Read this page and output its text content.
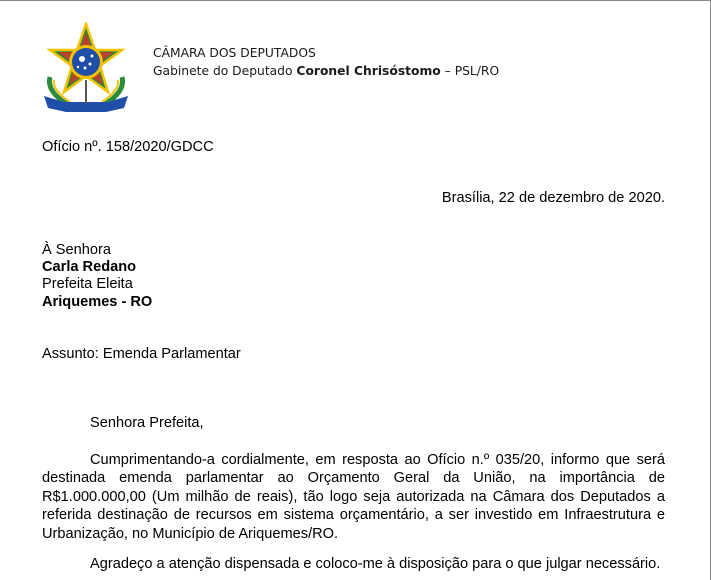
CÂMARA DOS DEPUTADOS
Gabinete do Deputado Coronel Chrisóstomo – PSL/RO
Ofício nº. 158/2020/GDCC
Brasília, 22 de dezembro de 2020.
À Senhora
Carla Redano
Prefeita Eleita
Ariquemes - RO
Assunto: Emenda Parlamentar
Senhora Prefeita,
Cumprimentando-a cordialmente, em resposta ao Ofício n.º 035/20, informo que será destinada emenda parlamentar ao Orçamento Geral da União, na importância de R$1.000.000,00 (Um milhão de reais), tão logo seja autorizada na Câmara dos Deputados a referida destinação de recursos em sistema orçamentário, a ser investido em Infraestrutura e Urbanização, no Município de Ariquemes/RO.
Agradeço a atenção dispensada e coloco-me à disposição para o que julgar necessário.
